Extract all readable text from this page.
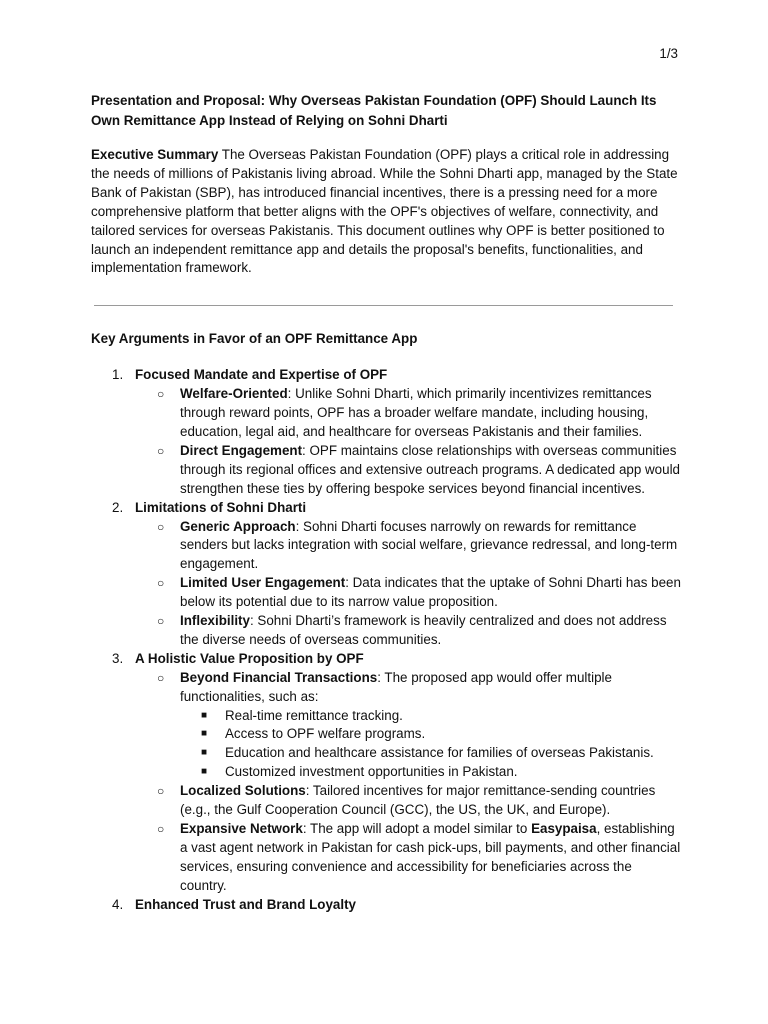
1/3

Presentation and Proposal: Why Overseas Pakistan Foundation (OPF) Should Launch Its Own Remittance App Instead of Relying on Sohni Dharti

Executive Summary The Overseas Pakistan Foundation (OPF) plays a critical role in addressing the needs of millions of Pakistanis living abroad. While the Sohni Dharti app, managed by the State Bank of Pakistan (SBP), has introduced financial incentives, there is a pressing need for a more comprehensive platform that better aligns with the OPF's objectives of welfare, connectivity, and tailored services for overseas Pakistanis. This document outlines why OPF is better positioned to launch an independent remittance app and details the proposal's benefits, functionalities, and implementation framework.

Key Arguments in Favor of an OPF Remittance App

1. Focused Mandate and Expertise of OPF
○ Welfare-Oriented: Unlike Sohni Dharti, which primarily incentivizes remittances through reward points, OPF has a broader welfare mandate, including housing, education, legal aid, and healthcare for overseas Pakistanis and their families.
○ Direct Engagement: OPF maintains close relationships with overseas communities through its regional offices and extensive outreach programs. A dedicated app would strengthen these ties by offering bespoke services beyond financial incentives.
2. Limitations of Sohni Dharti
○ Generic Approach: Sohni Dharti focuses narrowly on rewards for remittance senders but lacks integration with social welfare, grievance redressal, and long-term engagement.
○ Limited User Engagement: Data indicates that the uptake of Sohni Dharti has been below its potential due to its narrow value proposition.
○ Inflexibility: Sohni Dharti’s framework is heavily centralized and does not address the diverse needs of overseas communities.
3. A Holistic Value Proposition by OPF
○ Beyond Financial Transactions: The proposed app would offer multiple functionalities, such as:
■ Real-time remittance tracking.
■ Access to OPF welfare programs.
■ Education and healthcare assistance for families of overseas Pakistanis.
■ Customized investment opportunities in Pakistan.
○ Localized Solutions: Tailored incentives for major remittance-sending countries (e.g., the Gulf Cooperation Council (GCC), the US, the UK, and Europe).
○ Expansive Network: The app will adopt a model similar to Easypaisa, establishing a vast agent network in Pakistan for cash pick-ups, bill payments, and other financial services, ensuring convenience and accessibility for beneficiaries across the country.
4. Enhanced Trust and Brand Loyalty
